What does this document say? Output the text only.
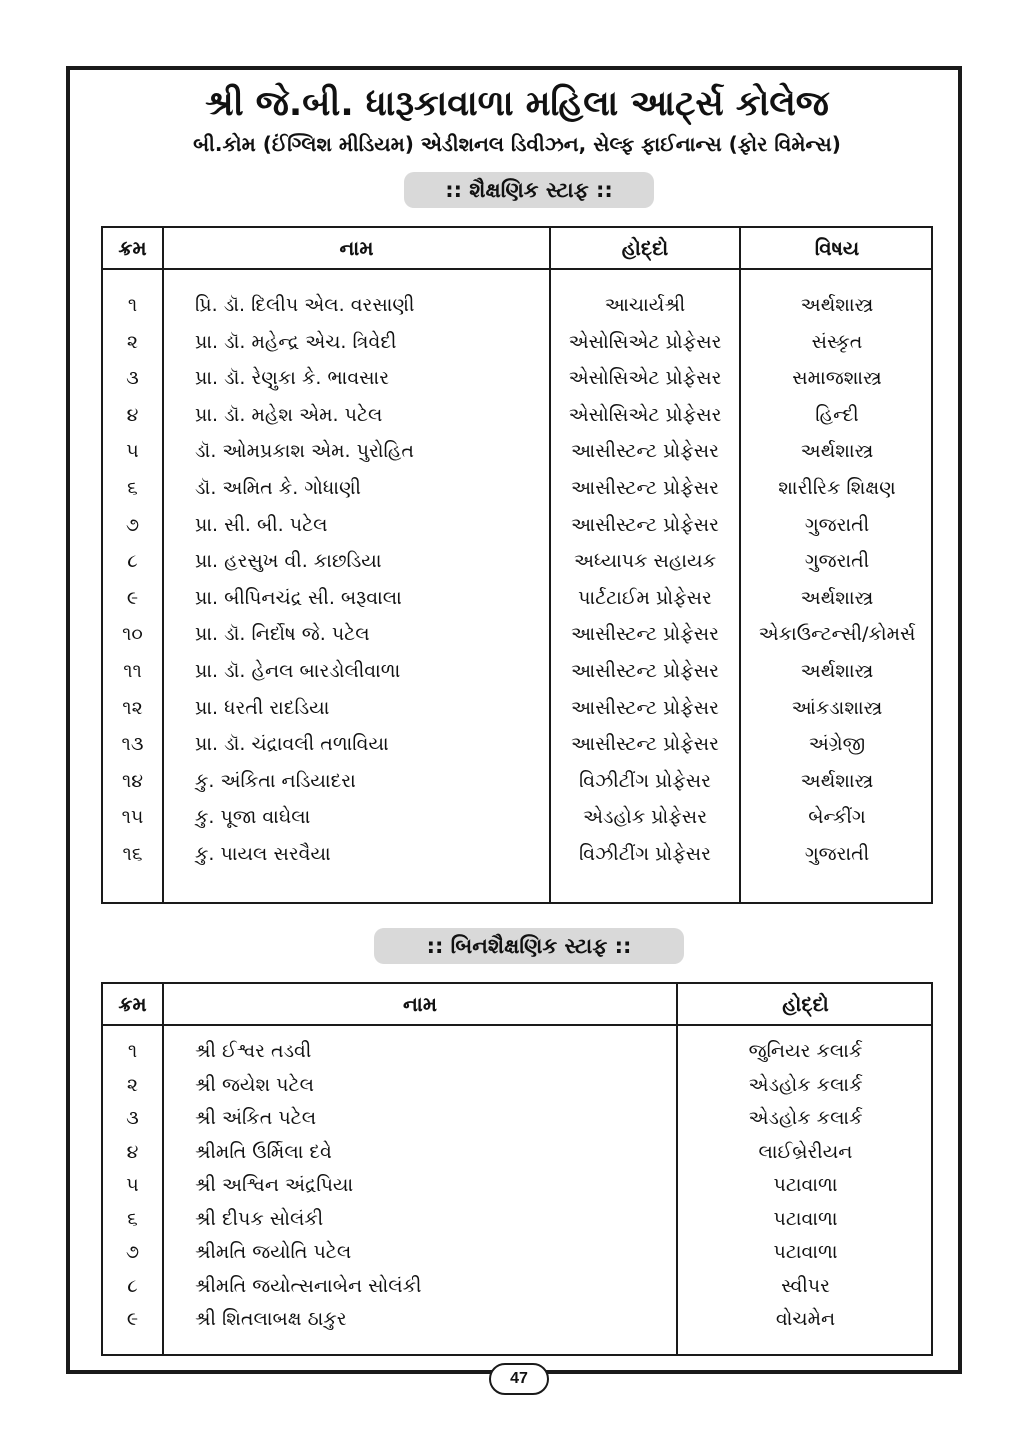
શ્રી જે.બી. ધારૂકાવાળા મહિલા આર્ટ્સ કોલેજ
બી.કોમ (ઈંગ્લિશ મીડિયમ) એડીશનલ ડિવીઝન, સેલ્ફ ફાઈનાન્સ (ફોર વિમેન્સ)
:: શૈક્ષણિક સ્ટાફ ::
ક્રમ	નામ	હોદ્દો	વિષય
૧	પ્રિ. ડૉ. દિલીપ એલ. વરસાણી	આચાર્યશ્રી	અર્થશાસ્ત્ર
૨	પ્રા. ડૉ. મહેન્દ્ર એચ. ત્રિવેદી	એસોસિએટ પ્રોફેસર	સંસ્કૃત
૩	પ્રા. ડૉ. રેણુકા કે. ભાવસાર	એસોસિએટ પ્રોફેસર	સમાજશાસ્ત્ર
૪	પ્રા. ડૉ. મહેશ એમ. પટેલ	એસોસિએટ પ્રોફેસર	હિન્દી
૫	ડૉ. ઓમપ્રકાશ એમ. પુરોહિત	આસીસ્ટન્ટ પ્રોફેસર	અર્થશાસ્ત્ર
૬	ડૉ. અમિત કે. ગોધાણી	આસીસ્ટન્ટ પ્રોફેસર	શારીરિક શિક્ષણ
૭	પ્રા. સી. બી. પટેલ	આસીસ્ટન્ટ પ્રોફેસર	ગુજરાતી
૮	પ્રા. હરસુખ વી. કાછડિયા	અધ્યાપક સહાયક	ગુજરાતી
૯	પ્રા. બીપિનચંદ્ર સી. બરૂવાલા	પાર્ટટાઈમ પ્રોફેસર	અર્થશાસ્ત્ર
૧૦	પ્રા. ડૉ. નિર્દોષ જે. પટેલ	આસીસ્ટન્ટ પ્રોફેસર	એકાઉન્ટન્સી/કોમર્સ
૧૧	પ્રા. ડૉ. હેનલ બારડોલીવાળા	આસીસ્ટન્ટ પ્રોફેસર	અર્થશાસ્ત્ર
૧૨	પ્રા. ધરતી રાદડિયા	આસીસ્ટન્ટ પ્રોફેસર	આંકડાશાસ્ત્ર
૧૩	પ્રા. ડૉ. ચંદ્રાવલી તળાવિયા	આસીસ્ટન્ટ પ્રોફેસર	અંગ્રેજી
૧૪	કુ. અંકિતા નડિયાદરા	વિઝીટીંગ પ્રોફેસર	અર્થશાસ્ત્ર
૧૫	કુ. પૂજા વાઘેલા	એડહોક પ્રોફેસર	બેન્કીંગ
૧૬	કુ. પાયલ સરવૈયા	વિઝીટીંગ પ્રોફેસર	ગુજરાતી
:: બિનશૈક્ષણિક સ્ટાફ ::
ક્રમ	નામ	હોદ્દો
૧	શ્રી ઈશ્વર તડવી	જુનિયર કલાર્ક
૨	શ્રી જયેશ પટેલ	એડહોક કલાર્ક
૩	શ્રી અંકિત પટેલ	એડહોક કલાર્ક
૪	શ્રીમતિ ઉર્મિલા દવે	લાઈબ્રેરીયન
૫	શ્રી અશ્વિન અંદ્રપિયા	પટાવાળા
૬	શ્રી દીપક સોલંકી	પટાવાળા
૭	શ્રીમતિ જયોતિ પટેલ	પટાવાળા
૮	શ્રીમતિ જયોત્સનાબેન સોલંકી	સ્વીપર
૯	શ્રી શિતલાબક્ષ ઠાકુર	વોચમેન
47
